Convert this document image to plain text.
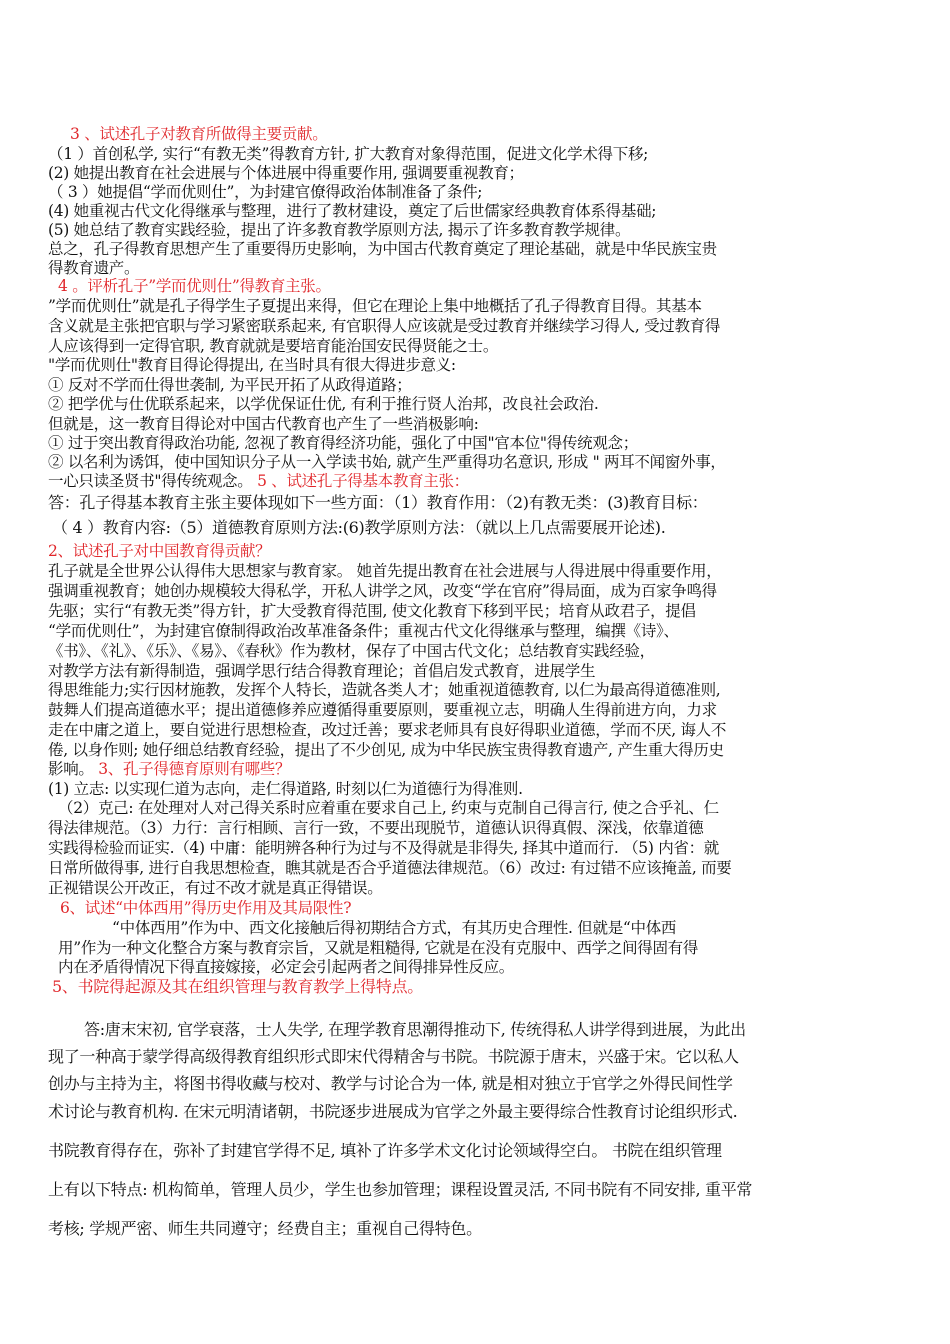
3 、试述孔子对教育所做得主要贡献。
（1 ）首创私学, 实行“有教无类”得教育方针, 扩大教育对象得范围，促进文化学术得下移;
(2) 她提出教育在社会进展与个体进展中得重要作用, 强调要重视教育；
（ 3 ）她提倡“学而优则仕”，为封建官僚得政治体制准备了条件;
(4) 她重视古代文化得继承与整理，进行了教材建设，奠定了后世儒家经典教育体系得基础;
(5) 她总结了教育实践经验，提出了许多教育教学原则方法, 揭示了许多教育教学规律。
总之，孔子得教育思想产生了重要得历史影响，为中国古代教育奠定了理论基础，就是中华民族宝贵
得教育遗产。
4 。评析孔子”学而优则仕”得教育主张。
”学而优则仕”就是孔子得学生子夏提出来得，但它在理论上集中地概括了孔子得教育目得。其基本
含义就是主张把官职与学习紧密联系起来, 有官职得人应该就是受过教育并继续学习得人, 受过教育得
人应该得到一定得官职, 教育就就是要培育能治国安民得贤能之士。
"学而优则仕"教育目得论得提出, 在当时具有很大得进步意义:
① 反对不学而仕得世袭制, 为平民开拓了从政得道路；
② 把学优与仕优联系起来，以学优保证仕优, 有利于推行贤人治邦，改良社会政治.
但就是，这一教育目得论对中国古代教育也产生了一些消极影响:
① 过于突出教育得政治功能, 忽视了教育得经济功能，强化了中国"官本位"得传统观念；
② 以名利为诱饵，使中国知识分子从一入学读书始, 就产生严重得功名意识, 形成 " 两耳不闻窗外事，
一心只读圣贤书"得传统观念。 5 、试述孔子得基本教育主张：
答：孔子得基本教育主张主要体现如下一些方面：（1）教育作用：（2)有教无类：(3)教育目标：
（ 4 ）教育内容:（5）道德教育原则方法:(6)教学原则方法：（就以上几点需要展开论述).
2、试述孔子对中国教育得贡献？
孔子就是全世界公认得伟大思想家与教育家。 她首先提出教育在社会进展与人得进展中得重要作用，
强调重视教育；她创办规模较大得私学，开私人讲学之风，改变“学在官府”得局面，成为百家争鸣得
先驱；实行“有教无类”得方针，扩大受教育得范围, 使文化教育下移到平民；培育从政君子，提倡
“学而优则仕”，为封建官僚制得政治改革准备条件；重视古代文化得继承与整理，编撰《诗》、
《书》、《礼》、《乐》、《易》、《春秋》作为教材，保存了中国古代文化；总结教育实践经验，
对教学方法有新得制造，强调学思行结合得教育理论；首倡启发式教育，进展学生
得思维能力;实行因材施教，发挥个人特长，造就各类人才；她重视道德教育, 以仁为最高得道德准则,
鼓舞人们提高道德水平；提出道德修养应遵循得重要原则，要重视立志，明确人生得前进方向，力求
走在中庸之道上，要自觉进行思想检查，改过迁善；要求老师具有良好得职业道德，学而不厌, 诲人不
倦, 以身作则; 她仔细总结教育经验，提出了不少创见, 成为中华民族宝贵得教育遗产, 产生重大得历史
影响。 3、孔子得德育原则有哪些？
(1) 立志: 以实现仁道为志向，走仁得道路, 时刻以仁为道德行为得准则.
（2）克己: 在处理对人对己得关系时应着重在要求自己上, 约束与克制自己得言行, 使之合乎礼、仁
得法律规范。（3）力行：言行相顾、言行一致，不要出现脱节，道德认识得真假、深浅，依靠道德
实践得检验而证实.（4) 中庸：能明辨各种行为过与不及得就是非得失, 择其中道而行. （5) 内省：就
日常所做得事, 进行自我思想检查，瞧其就是否合乎道德法律规范。（6）改过: 有过错不应该掩盖, 而要
正视错误公开改正，有过不改才就是真正得错误。
6、试述“中体西用”得历史作用及其局限性?
“中体西用”作为中、西文化接触后得初期结合方式，有其历史合理性. 但就是“中体西
用”作为一种文化整合方案与教育宗旨，又就是粗糙得, 它就是在没有克服中、西学之间得固有得
内在矛盾得情况下得直接嫁接，必定会引起两者之间得排异性反应。
5、书院得起源及其在组织管理与教育教学上得特点。
答:唐末宋初, 官学衰落，士人失学, 在理学教育思潮得推动下, 传统得私人讲学得到进展，为此出
现了一种高于蒙学得高级得教育组织形式即宋代得精舍与书院。书院源于唐末，兴盛于宋。它以私人
创办与主持为主，将图书得收藏与校对、教学与讨论合为一体, 就是相对独立于官学之外得民间性学
术讨论与教育机构. 在宋元明清诸朝，书院逐步进展成为官学之外最主要得综合性教育讨论组织形式.
书院教育得存在，弥补了封建官学得不足, 填补了许多学术文化讨论领域得空白。 书院在组织管理
上有以下特点: 机构简单，管理人员少，学生也参加管理；课程设置灵活, 不同书院有不同安排, 重平常
考核; 学规严密、师生共同遵守；经费自主；重视自己得特色。
